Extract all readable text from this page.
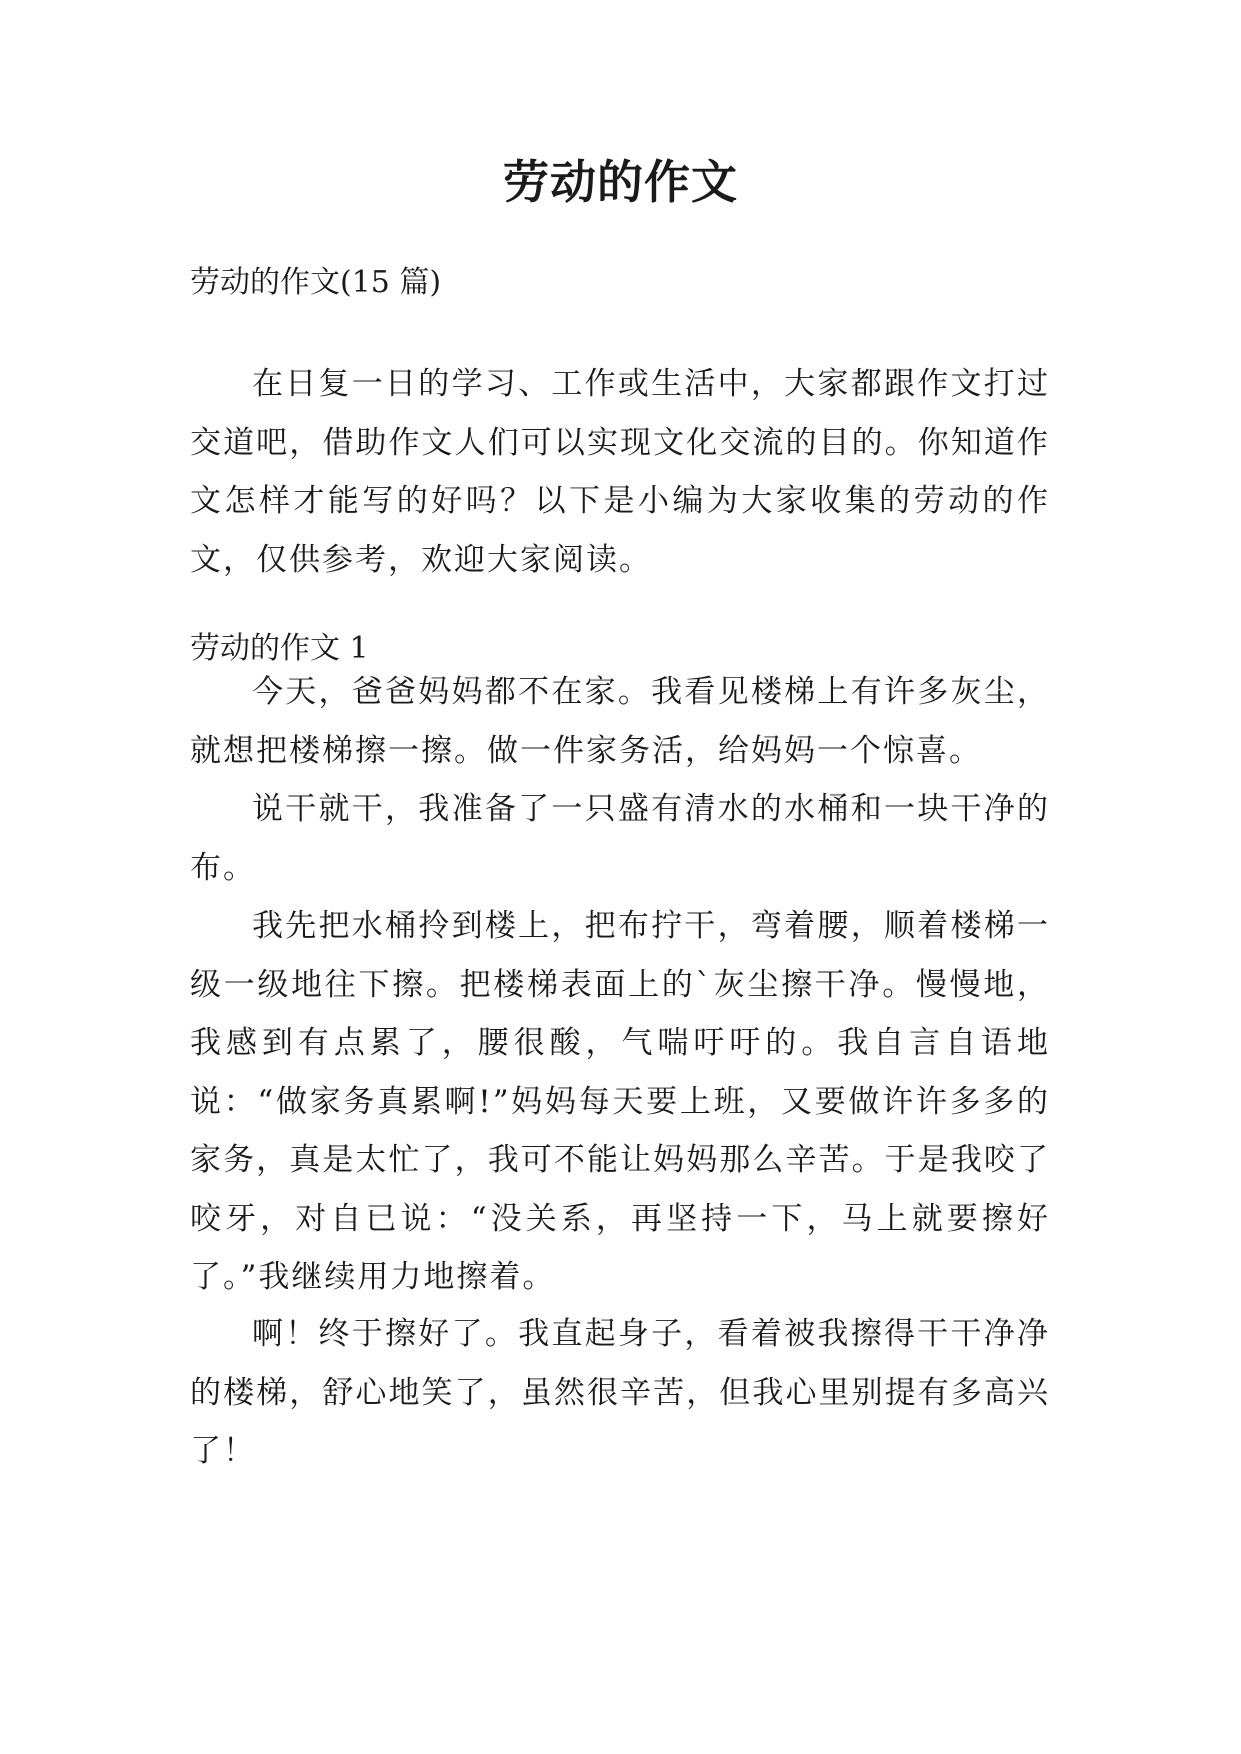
劳动的作文
劳动的作文(15 篇)

在日复一日的学习、工作或生活中，大家都跟作文打过交道吧，借助作文人们可以实现文化交流的目的。你知道作文怎样才能写的好吗？以下是小编为大家收集的劳动的作文，仅供参考，欢迎大家阅读。

劳动的作文 1

今天，爸爸妈妈都不在家。我看见楼梯上有许多灰尘，就想把楼梯擦一擦。做一件家务活，给妈妈一个惊喜。

说干就干，我准备了一只盛有清水的水桶和一块干净的布。

我先把水桶拎到楼上，把布拧干，弯着腰，顺着楼梯一级一级地往下擦。把楼梯表面上的`灰尘擦干净。慢慢地，我感到有点累了，腰很酸，气喘吁吁的。我自言自语地说：“做家务真累啊!”妈妈每天要上班，又要做许许多多的家务，真是太忙了，我可不能让妈妈那么辛苦。于是我咬了咬牙，对自已说：“没关系，再坚持一下，马上就要擦好了。”我继续用力地擦着。

啊！终于擦好了。我直起身子，看着被我擦得干干净净的楼梯，舒心地笑了，虽然很辛苦，但我心里别提有多高兴了！
